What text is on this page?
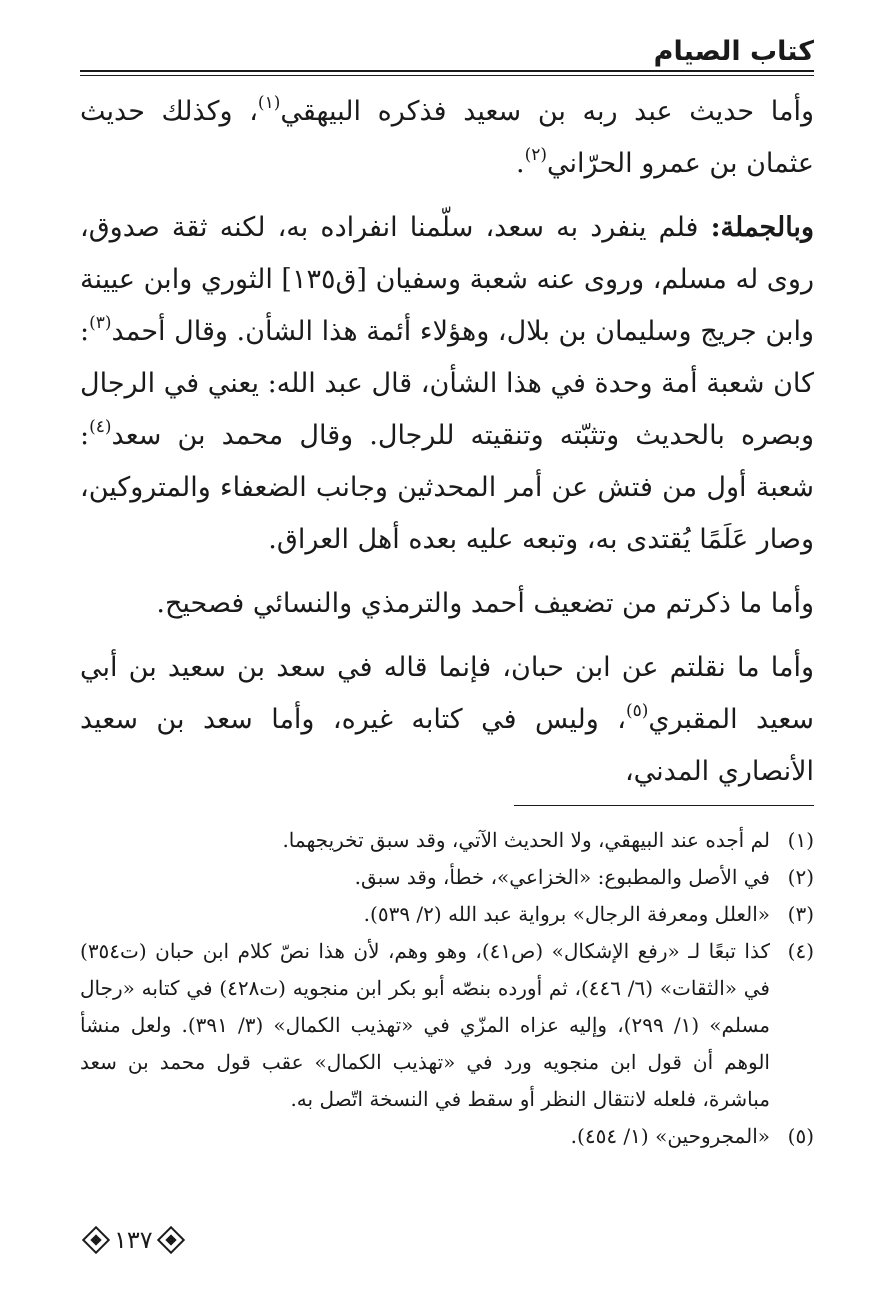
كتاب الصيام

وأما حديث عبد ربه بن سعيد فذكره البيهقي$^{(١)}$، وكذلك حديث عثمان بن عمرو الحرّاني$^{(٢)}$.

وبالجملة: فلم ينفرد به سعد، سلّمنا انفراده به، لكنه ثقة صدوق، روى له مسلم، وروى عنه شعبة وسفيان [ق١٣٥] الثوري وابن عيينة وابن جريج وسليمان بن بلال، وهؤلاء أئمة هذا الشأن. وقال أحمد$^{(٣)}$: كان شعبة أمة وحدة في هذا الشأن، قال عبد الله: يعني في الرجال وبصره بالحديث وتثبّته وتنقيته للرجال. وقال محمد بن سعد$^{(٤)}$: شعبة أول من فتش عن أمر المحدثين وجانب الضعفاء والمتروكين، وصار عَلَمًا يُقتدى به، وتبعه عليه بعده أهل العراق.

وأما ما ذكرتم من تضعيف أحمد والترمذي والنسائي فصحيح.

وأما ما نقلتم عن ابن حبان، فإنما قاله في سعد بن سعيد بن أبي سعيد المقبري$^{(٥)}$، وليس في كتابه غيره، وأما سعد بن سعيد الأنصاري المدني،

(١)
لم أجده عند البيهقي، ولا الحديث الآتي، وقد سبق تخريجهما.
(٢)
في الأصل والمطبوع: «الخزاعي»، خطأ، وقد سبق.
(٣)
«العلل ومعرفة الرجال» برواية عبد الله (٢/ ٥٣٩).
(٤)
كذا تبعًا لـ «رفع الإشكال» (ص٤١)، وهو وهم، لأن هذا نصّ كلام ابن حبان (ت٣٥٤) في «الثقات» (٦/ ٤٤٦)، ثم أورده بنصّه أبو بكر ابن منجويه (ت٤٢٨) في كتابه «رجال مسلم» (١/ ٢٩٩)، وإليه عزاه المزّي في «تهذيب الكمال» (٣/ ٣٩١). ولعل منشأ الوهم أن قول ابن منجويه ورد في «تهذيب الكمال» عقب قول محمد بن سعد مباشرة، فلعله لانتقال النظر أو سقط في النسخة اتّصل به.
(٥)
«المجروحين» (١/ ٤٥٤).
١٣٧
